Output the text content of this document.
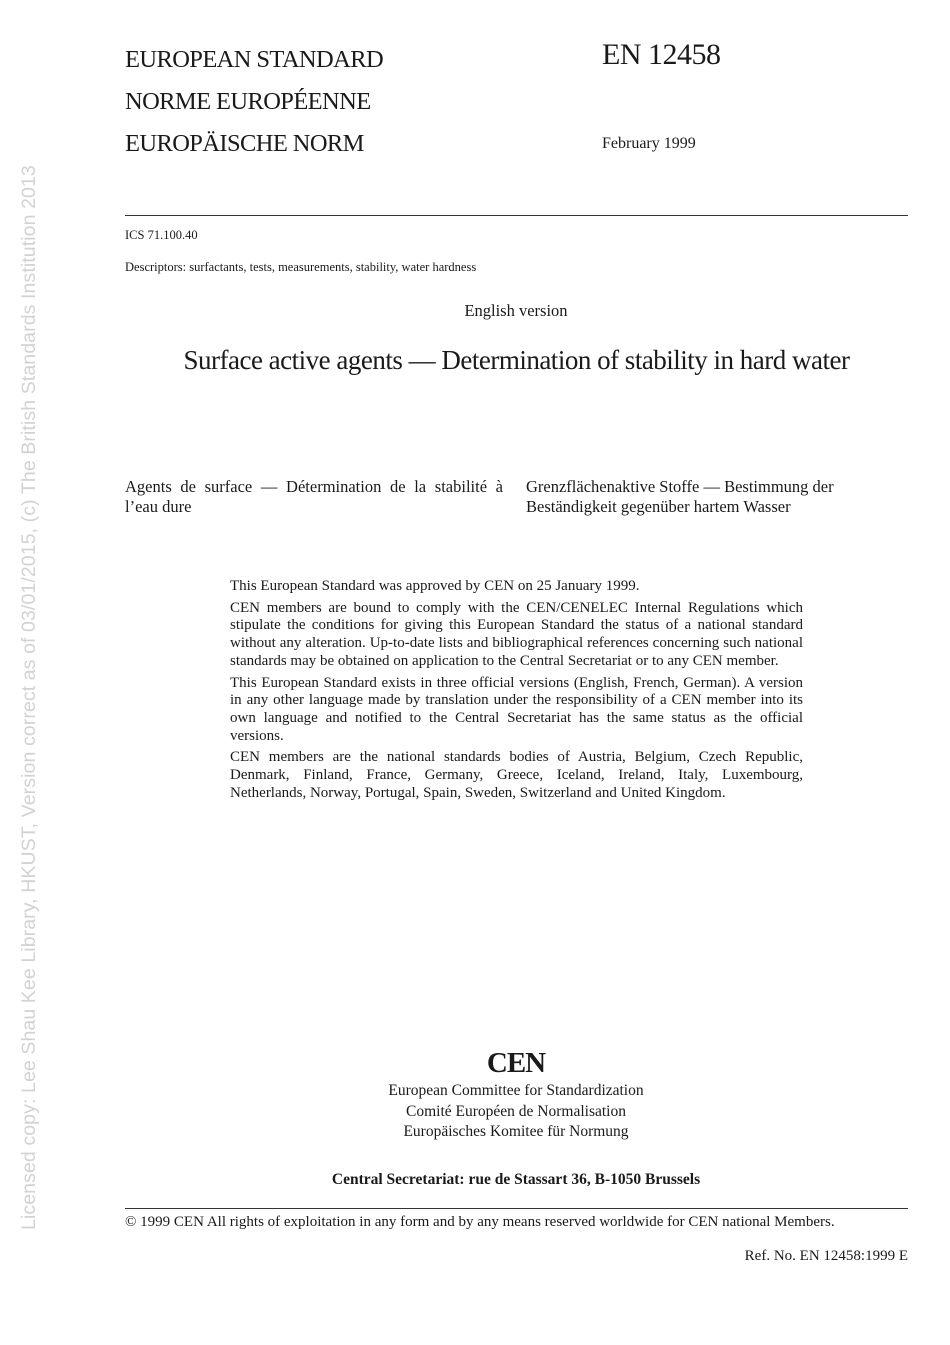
Licensed copy: Lee Shau Kee Library, HKUST, Version correct as of 03/01/2015, (c) The British Standards Institution 2013
EUROPEAN STANDARD
NORME EUROPÉENNE
EUROPÄISCHE NORM
EN 12458
February 1999
ICS 71.100.40
Descriptors: surfactants, tests, measurements, stability, water hardness
English version
Surface active agents — Determination of stability in hard water
Agents de surface — Détermination de la stabilité à l’eau dure
Grenzflächenaktive Stoffe — Bestimmung der Beständigkeit gegenüber hartem Wasser

This European Standard was approved by CEN on 25 January 1999.

CEN members are bound to comply with the CEN/CENELEC Internal Regulations which stipulate the conditions for giving this European Standard the status of a national standard without any alteration. Up-to-date lists and bibliographical references concerning such national standards may be obtained on application to the Central Secretariat or to any CEN member.

This European Standard exists in three official versions (English, French, German). A version in any other language made by translation under the responsibility of a CEN member into its own language and notified to the Central Secretariat has the same status as the official versions.

CEN members are the national standards bodies of Austria, Belgium, Czech Republic, Denmark, Finland, France, Germany, Greece, Iceland, Ireland, Italy, Luxembourg, Netherlands, Norway, Portugal, Spain, Sweden, Switzerland and United Kingdom.

CEN
European Committee for Standardization
Comité Européen de Normalisation
Europäisches Komitee für Normung
Central Secretariat: rue de Stassart 36, B-1050 Brussels
© 1999 CEN All rights of exploitation in any form and by any means reserved worldwide for CEN national Members.
Ref. No. EN 12458:1999 E
